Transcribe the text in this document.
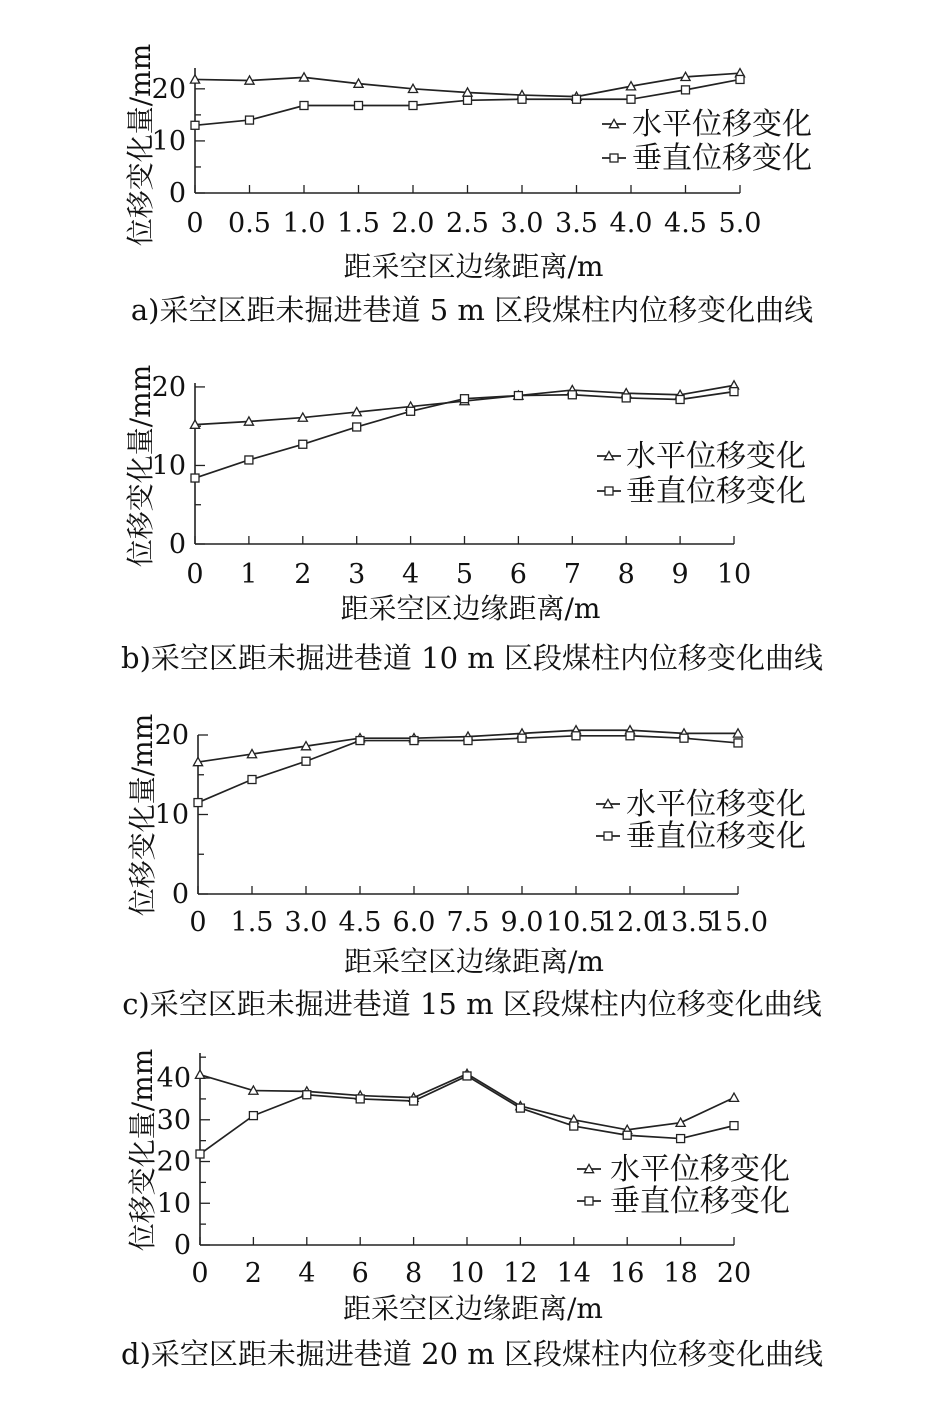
0
10
20
0 0.5 1.0 1.5 2.0 2.5 3.0 3.5 4.0 4.5 5.0
距采空区边缘距离/m
位移变化量/mm	水平位移变化
垂直位移变化
a)采空区距未掘进巷道 5 m 区段煤柱内位移变化曲线
0
10
20
0 1 2 3 4 5 6 7 8 9 10
距采空区边缘距离/m
位移变化量/mm	水平位移变化
垂直位移变化
b)采空区距未掘进巷道 10 m 区段煤柱内位移变化曲线
0
10
20
0 1.5 3.0 4.5 6.0 7.5 9.0 10.5
12.0
13.5
15.0
距采空区边缘距离/m
位移变化量/mm	水平位移变化
垂直位移变化
c)采空区距未掘进巷道 15 m 区段煤柱内位移变化曲线
0
10
20
30
40
0 2 4 6 8 10 12 14 16 18 20
距采空区边缘距离/m
位移变化量/mm	水平位移变化
垂直位移变化
d)采空区距未掘进巷道 20 m 区段煤柱内位移变化曲线
